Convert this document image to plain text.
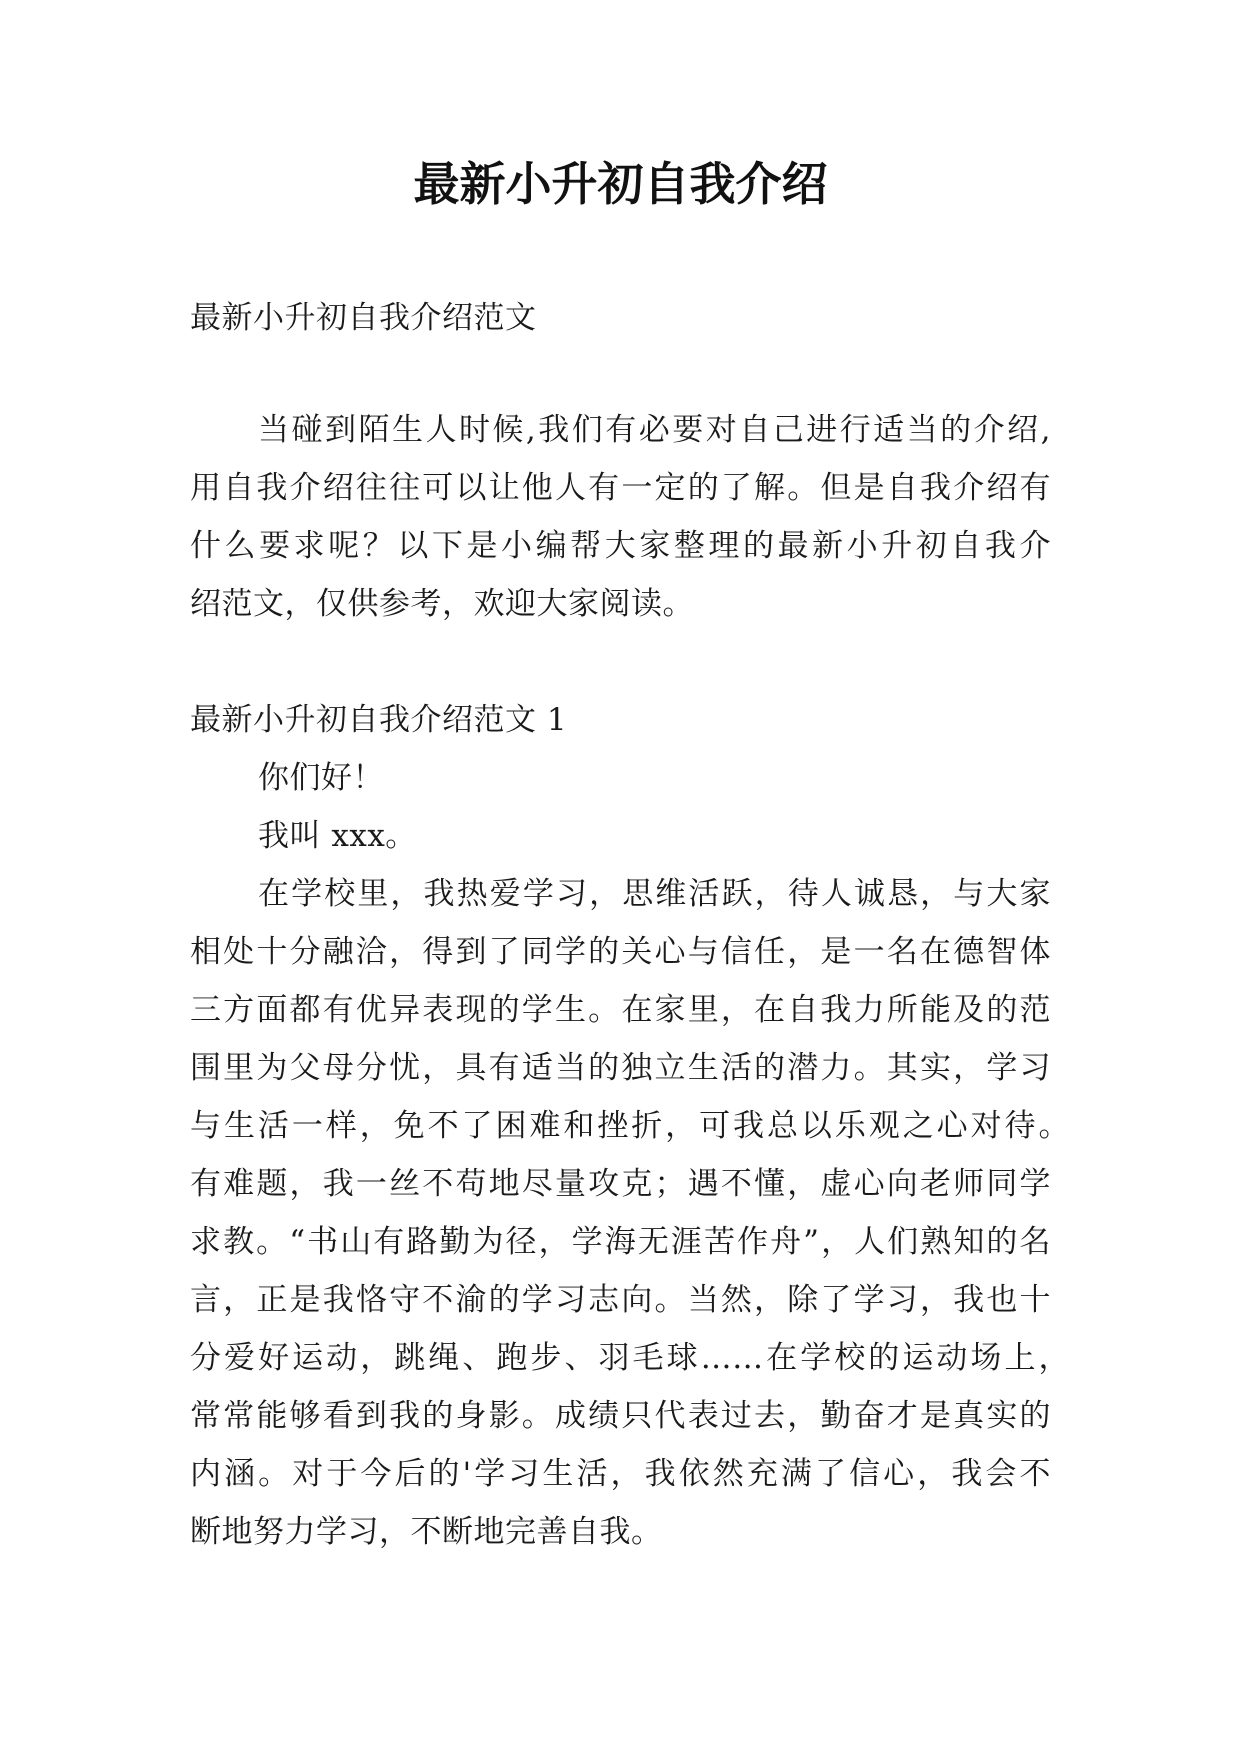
最新小升初自我介绍
最新小升初自我介绍范文
当碰到陌生人时候,我们有必要对自己进行适当的介绍,
用自我介绍往往可以让他人有一定的了解。但是自我介绍有
什么要求呢？以下是小编帮大家整理的最新小升初自我介
绍范文，仅供参考，欢迎大家阅读。
最新小升初自我介绍范文 1
你们好！
我叫 xxx。
在学校里，我热爱学习，思维活跃，待人诚恳，与大家
相处十分融洽，得到了同学的关心与信任，是一名在德智体
三方面都有优异表现的学生。在家里，在自我力所能及的范
围里为父母分忧，具有适当的独立生活的潜力。其实，学习
与生活一样，免不了困难和挫折，可我总以乐观之心对待。
有难题，我一丝不苟地尽量攻克；遇不懂，虚心向老师同学
求教。“书山有路勤为径，学海无涯苦作舟”，人们熟知的名
言，正是我恪守不渝的学习志向。当然，除了学习，我也十
分爱好运动，跳绳、跑步、羽毛球……在学校的运动场上，
常常能够看到我的身影。成绩只代表过去，勤奋才是真实的
内涵。对于今后的'学习生活，我依然充满了信心，我会不
断地努力学习，不断地完善自我。
